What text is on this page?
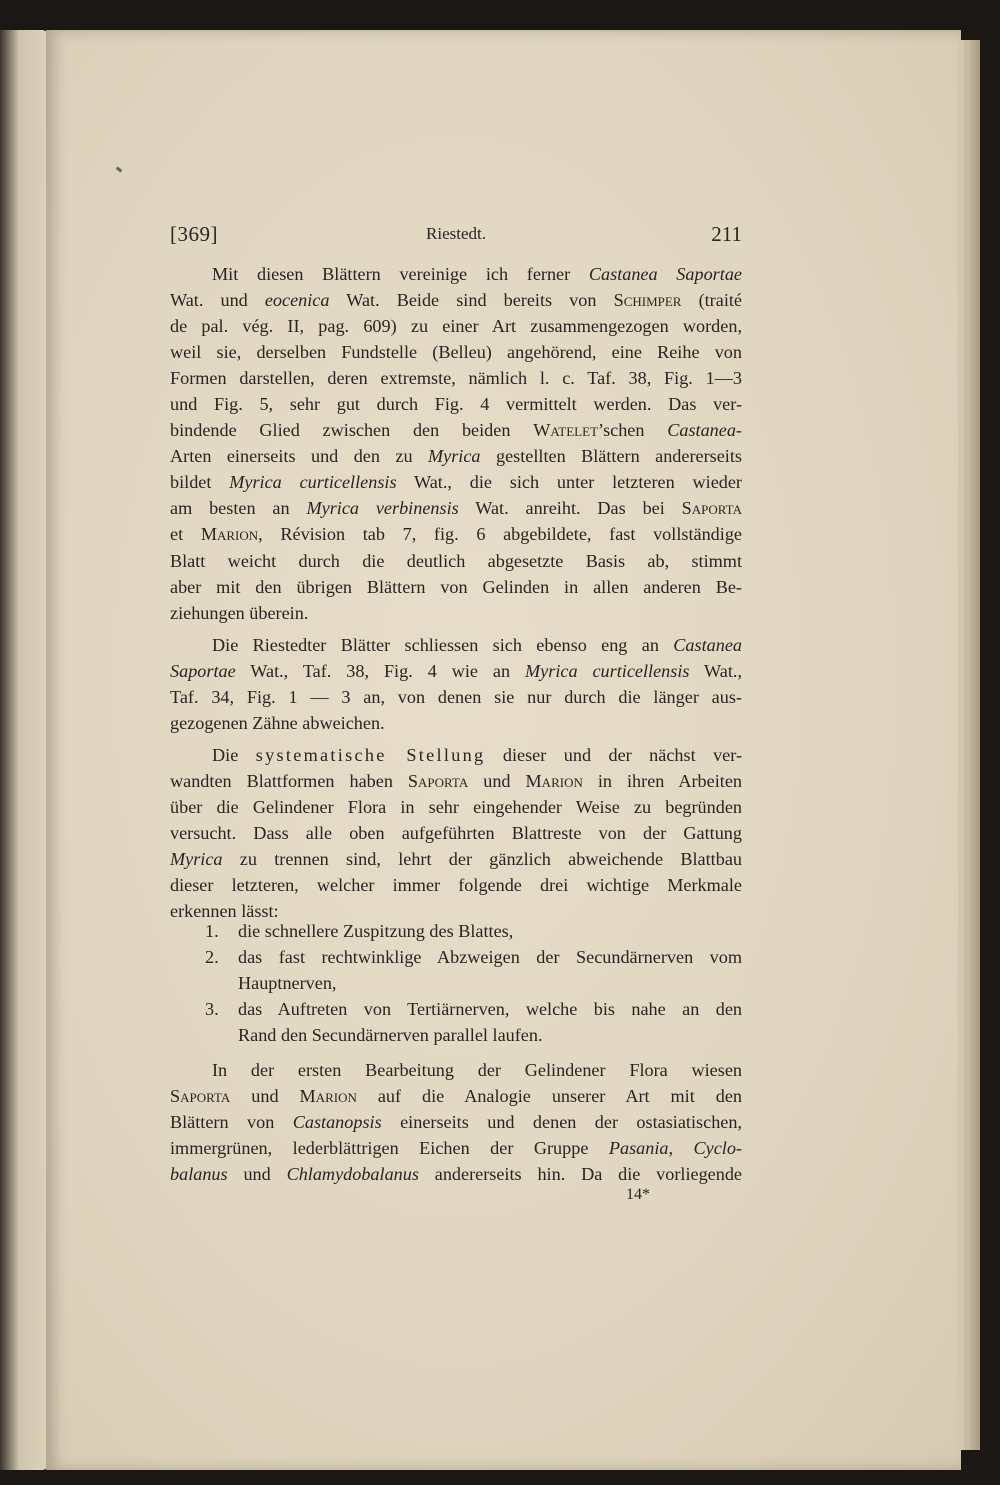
[369]	Riestedt.	211
Mit diesen Blättern vereinige ich ferner Castanea Saportae
Wat. und eocenica Wat. Beide sind bereits von Schimper (traité
de pal. vég. II, pag. 609) zu einer Art zusammengezogen worden,
weil sie, derselben Fundstelle (Belleu) angehörend, eine Reihe von
Formen darstellen, deren extremste, nämlich l. c. Taf. 38, Fig. 1—3
und Fig. 5, sehr gut durch Fig. 4 vermittelt werden. Das ver-
bindende Glied zwischen den beiden Watelet’schen Castanea-
Arten einerseits und den zu Myrica gestellten Blättern andererseits
bildet Myrica curticellensis Wat., die sich unter letzteren wieder
am besten an Myrica verbinensis Wat. anreiht. Das bei Saporta
et Marion, Révision tab 7, fig. 6 abgebildete, fast vollständige
Blatt weicht durch die deutlich abgesetzte Basis ab, stimmt
aber mit den übrigen Blättern von Gelinden in allen anderen Be-
ziehungen überein.
Die Riestedter Blätter schliessen sich ebenso eng an Castanea
Saportae Wat., Taf. 38, Fig. 4 wie an Myrica curticellensis Wat.,
Taf. 34, Fig. 1 — 3 an, von denen sie nur durch die länger aus-
gezogenen Zähne abweichen.
Die systematische Stellung dieser und der nächst ver-
wandten Blattformen haben Saporta und Marion in ihren Arbeiten
über die Gelindener Flora in sehr eingehender Weise zu begründen
versucht. Dass alle oben aufgeführten Blattreste von der Gattung
Myrica zu trennen sind, lehrt der gänzlich abweichende Blattbau
dieser letzteren, welcher immer folgende drei wichtige Merkmale
erkennen lässt:
1. die schnellere Zuspitzung des Blattes,
2. das fast rechtwinklige Abzweigen der Secundärnerven vom
Hauptnerven,
3. das Auftreten von Tertiärnerven, welche bis nahe an den
Rand den Secundärnerven parallel laufen.
In der ersten Bearbeitung der Gelindener Flora wiesen
Saporta und Marion auf die Analogie unserer Art mit den
Blättern von Castanopsis einerseits und denen der ostasiatischen,
immergrünen, lederblättrigen Eichen der Gruppe Pasania, Cyclo-
balanus und Chlamydobalanus andererseits hin. Da die vorliegende
14*
